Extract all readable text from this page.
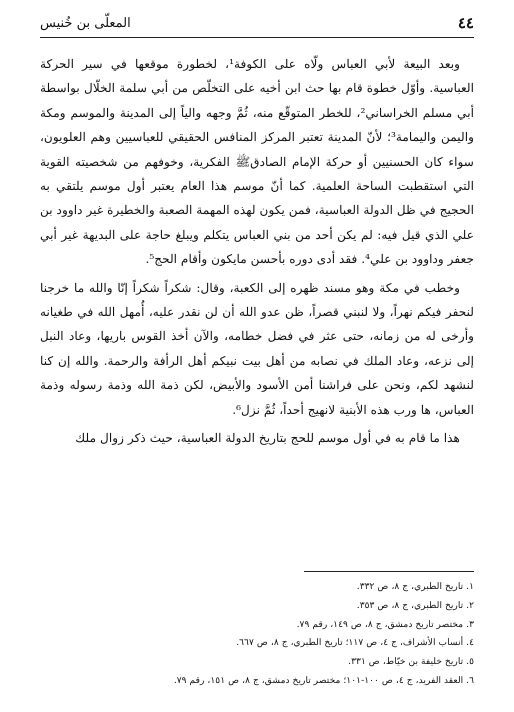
٤٤
المعلّى بن خُنيس

وبعد البيعة لأبي العباس ولّاه على الكوفة¹، لخطورة موقعها في سير الحركة العباسية. وأوّل خطوة قام بها حث ابن أخيه على التخلّص من أبي سلمة الخلّال بواسطة أبي مسلم الخراساني²، للخطر المتوقّع منه، ثُمَّ وجهه والياً إلى المدينة والموسم ومكة واليمن واليمامة³؛ لأنّ المدينة تعتبر المركز المنافس الحقيقي للعباسيين وهم العلويون، سواء كان الحسنيين أو حركة الإمام الصادقﷺ الفكرية، وخوفهم من شخصيته القوية التي استقطبت الساحة العلمية. كما أنّ موسم هذا العام يعتبر أول موسم يلتقي به الحجيج في ظل الدولة العباسية، فمن يكون لهذه المهمة الصعبة والخطيرة غير داوود بن علي الذي قيل فيه: لم يكن أحد من بني العباس يتكلم ويبلغ حاجة على البديهة غير أبي جعفر وداوود بن علي⁴. فقد أدى دوره بأحسن مايكون وأقام الحج⁵.

وخطب في مكة وهو مسند ظهره إلى الكعبة، وقال: شكراً شكراً إنّا والله ما خرجنا لنحفر فيكم نهراً، ولا لنبني قصراً، ظن عدو الله أن لن نقدر عليه، أُمهل الله في طغيانه وأرخى له من زمانه، حتى عثر في فضل خطامه، والآن أخذ القوس باريها، وعاد النبل إلى نزعه، وعاد الملك في نصابه من أهل بيت نبيكم أهل الرأفة والرحمة. والله إن كنا لنشهد لكم، ونحن على فراشنا أمن الأسود والأبيض، لكن ذمة الله وذمة رسوله وذمة العباس، ها ورب هذه الأبنية لانهيج أحداً، ثُمَّ نزل⁶.

هذا ما قام به في أول موسم للحج بتاريخ الدولة العباسية، حيث ذكر زوال ملك

١. تاريخ الطبري، ج ٨، ص ٣٣٢.
٢. تاريخ الطبري، ج ٨، ص ٣٥٣.
٣. مختصر تاريخ دمشق، ج ٨، ص ١٤٩، رقم ٧٩.
٤. أنساب الأشراف، ج ٤، ص ١١٧؛ تاريخ الطبري، ج ٨، ص ٦٦٧.
٥. تاريخ خليفة بن خيّاط، ص ٣٣١.
٦. العقد الفريد، ج ٤، ص ١٠٠-١٠١؛ مختصر تاريخ دمشق، ج ٨، ص ١٥١، رقم ٧٩.
